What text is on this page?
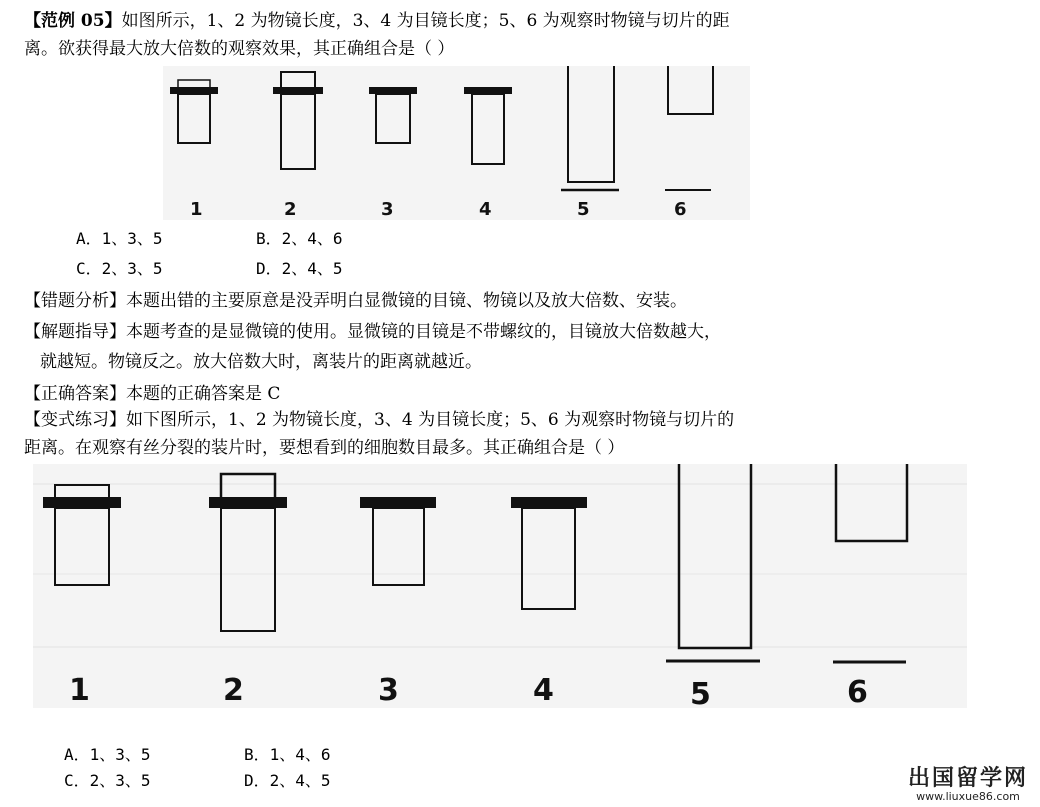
【范例 05】如图所示，1、2 为物镜长度，3、4 为目镜长度；5、6 为观察时物镜与切片的距
离。欲获得最大放大倍数的观察效果，其正确组合是（ ）
1	2	3	4	5	6
A．1、3、5	B．2、4、6
C．2、3、5	D．2、4、5
【错题分析】本题出错的主要原意是没弄明白显微镜的目镜、物镜以及放大倍数、安装。
【解题指导】本题考查的是显微镜的使用。显微镜的目镜是不带螺纹的，目镜放大倍数越大，
就越短。物镜反之。放大倍数大时，离装片的距离就越近。
【正确答案】本题的正确答案是 C
【变式练习】如下图所示，1、2 为物镜长度，3、4 为目镜长度；5、6 为观察时物镜与切片的
距离。在观察有丝分裂的装片时，要想看到的细胞数目最多。其正确组合是（ ）
1	2	3	4	5	6
A．1、3、5	B．1、4、6
C．2、3、5	D．2、4、5	出国留学网
www.liuxue86.com
